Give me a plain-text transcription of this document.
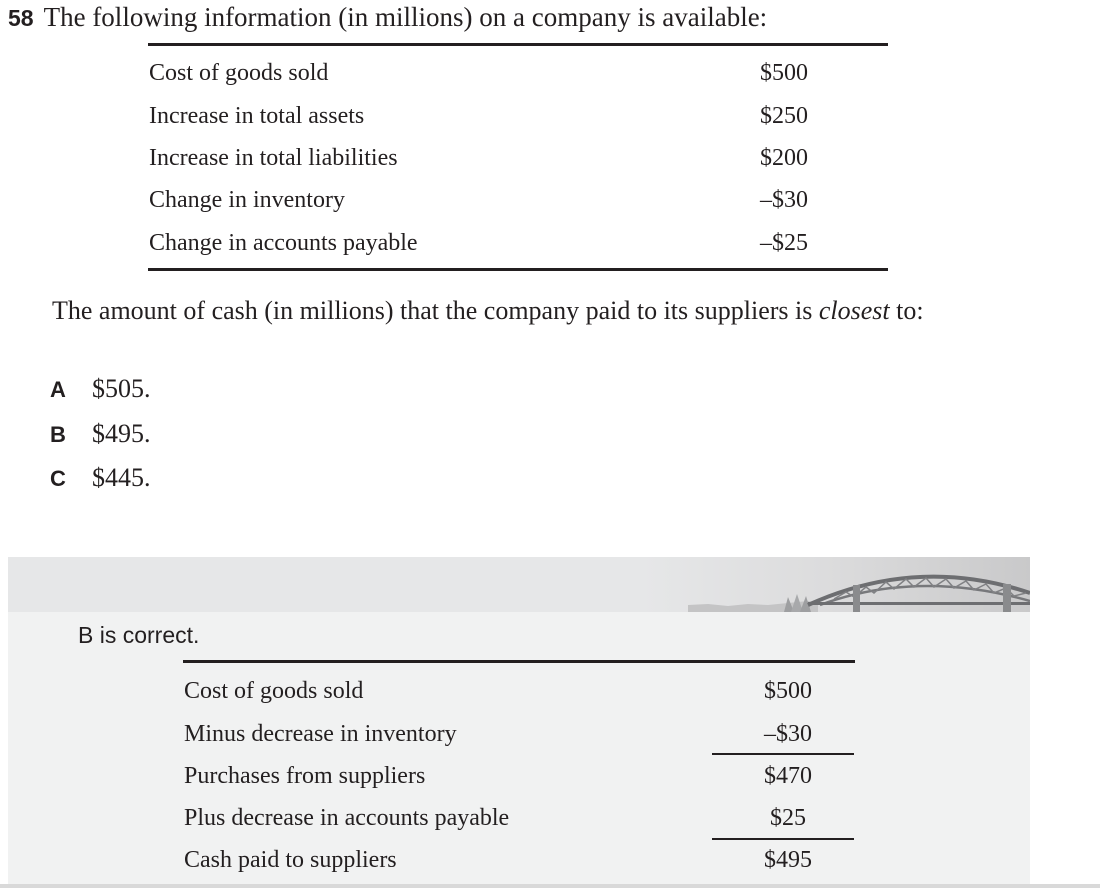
58 The following information (in millions) on a company is available:
Cost of goods sold	$500
Increase in total assets	$250
Increase in total liabilities	$200
Change in inventory	–$30
Change in accounts payable	–$25
The amount of cash (in millions) that the company paid to its suppliers is closest to:
A $505.
B $495.
C $445.
B is correct.
Cost of goods sold	$500
Minus decrease in inventory	–$30
Purchases from suppliers	$470
Plus decrease in accounts payable	$25
Cash paid to suppliers	$495
